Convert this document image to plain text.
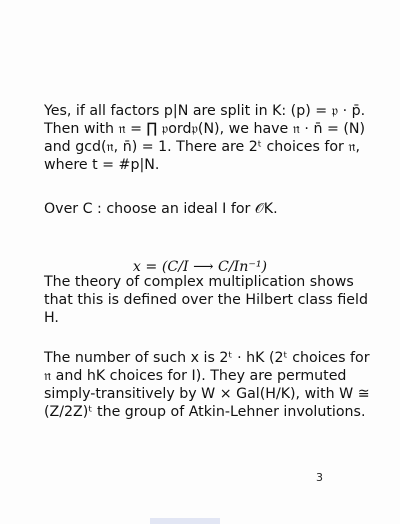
Yes, if all factors p|N are split in K: (p) = 𝔭 · p̄.
Then with 𝔫 = ∏ 𝔭ord𝔭(N), we have 𝔫 · n̄ = (N)
and gcd(𝔫, n̄) = 1. There are 2ᵗ choices for 𝔫,
where t = #p|N.

Over C : choose an ideal I for 𝒪K.

x = (C/I ⟶ C/In⁻¹)

The theory of complex multiplication shows
that this is defined over the Hilbert class field
H.

The number of such x is 2ᵗ · hK (2ᵗ choices for
𝔫 and hK choices for I). They are permuted
simply-transitively by W × Gal(H/K), with W ≅
(Z/2Z)ᵗ the group of Atkin-Lehner involutions.

3
